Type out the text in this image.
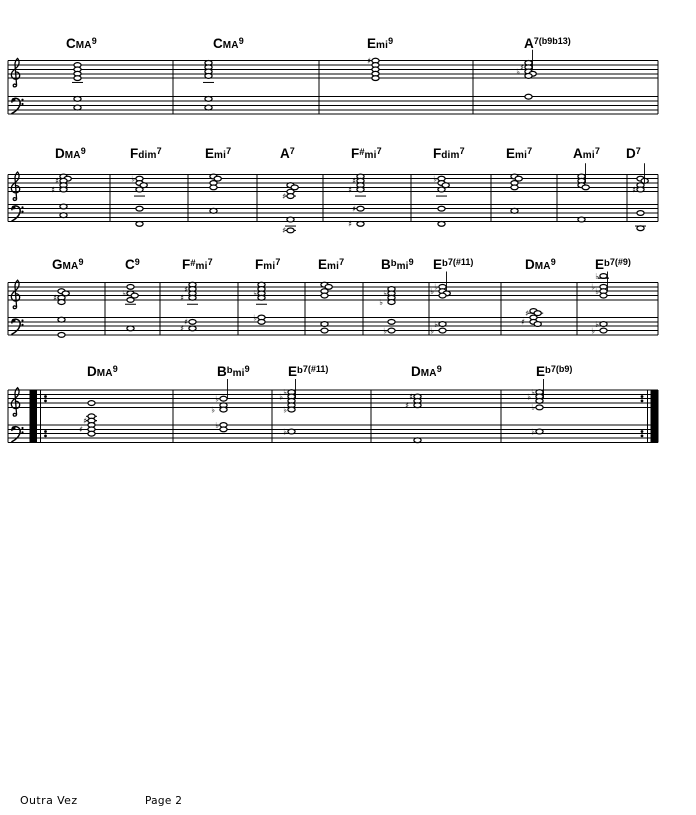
♯
♯
♭
♯
♯
♭
♯
♯
♯
♯
♯
♯
♭
♯
♯	♭	♯
♯
♯
♯
♭
♭
♭
♭
♭
♭
♭
♭
♭
♯
♯
♭
♭ ♭
♭
♭
♯
♯
♭
♭
♭
♭
♭
♭
♭
♯
♯
♭
♭
♭
♭
Outra Vez	Page 2
CMA$^9$	CMA$^9$	Emi$^9$	$A^{7(b9b13)}$
DMA$^9$	Fdim$^7$	Emi$^7$	$A^7$	$F\#mi^7$	Fdim$^7$	Emi$^7$	Ami$^7$ $D^7$
GMA$^9$	$C^9$	$F\#mi^7$	Fmi$^7$	Emi$^7$	Bbmi$^9$ $Eb^{7(\#11)}$	DMA$^9$	$Eb^{7(\#9)}$
DMA$^9$	Bbmi$^9$	$Eb^{7(\#11)}$	DMA$^9$	$Eb^{7(b9)}$
